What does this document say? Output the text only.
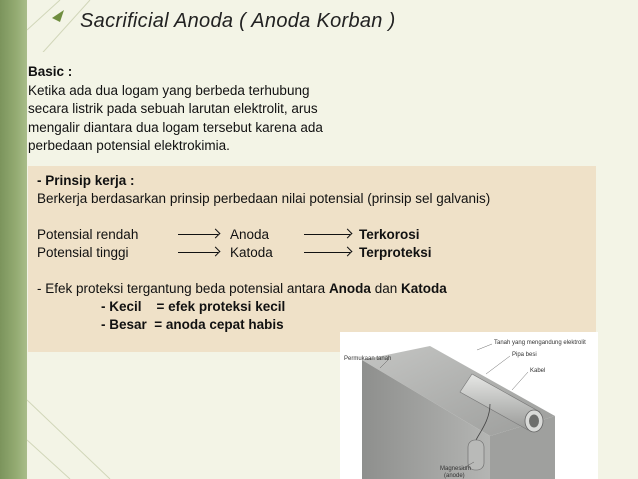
Sacrificial Anoda ( Anoda Korban )
Basic :
Ketika ada dua logam yang berbeda terhubung
secara listrik pada sebuah larutan elektrolit, arus
mengalir diantara dua logam tersebut karena ada
perbedaan potensial elektrokimia.
- Prinsip kerja :
Berkerja berdasarkan prinsip perbedaan nilai potensial (prinsip sel galvanis)
Potensial rendah	Anoda	Terkorosi
Potensial tinggi	Katoda	Terproteksi
- Efek proteksi tergantung beda potensial antara Anoda dan Katoda
- Kecil    = efek proteksi kecil
- Besar  = anoda cepat habis
Tanah yang mengandung elektrolit
Pipa besi
Kabel
Permukaan tanah
Magnesium
(anode)
